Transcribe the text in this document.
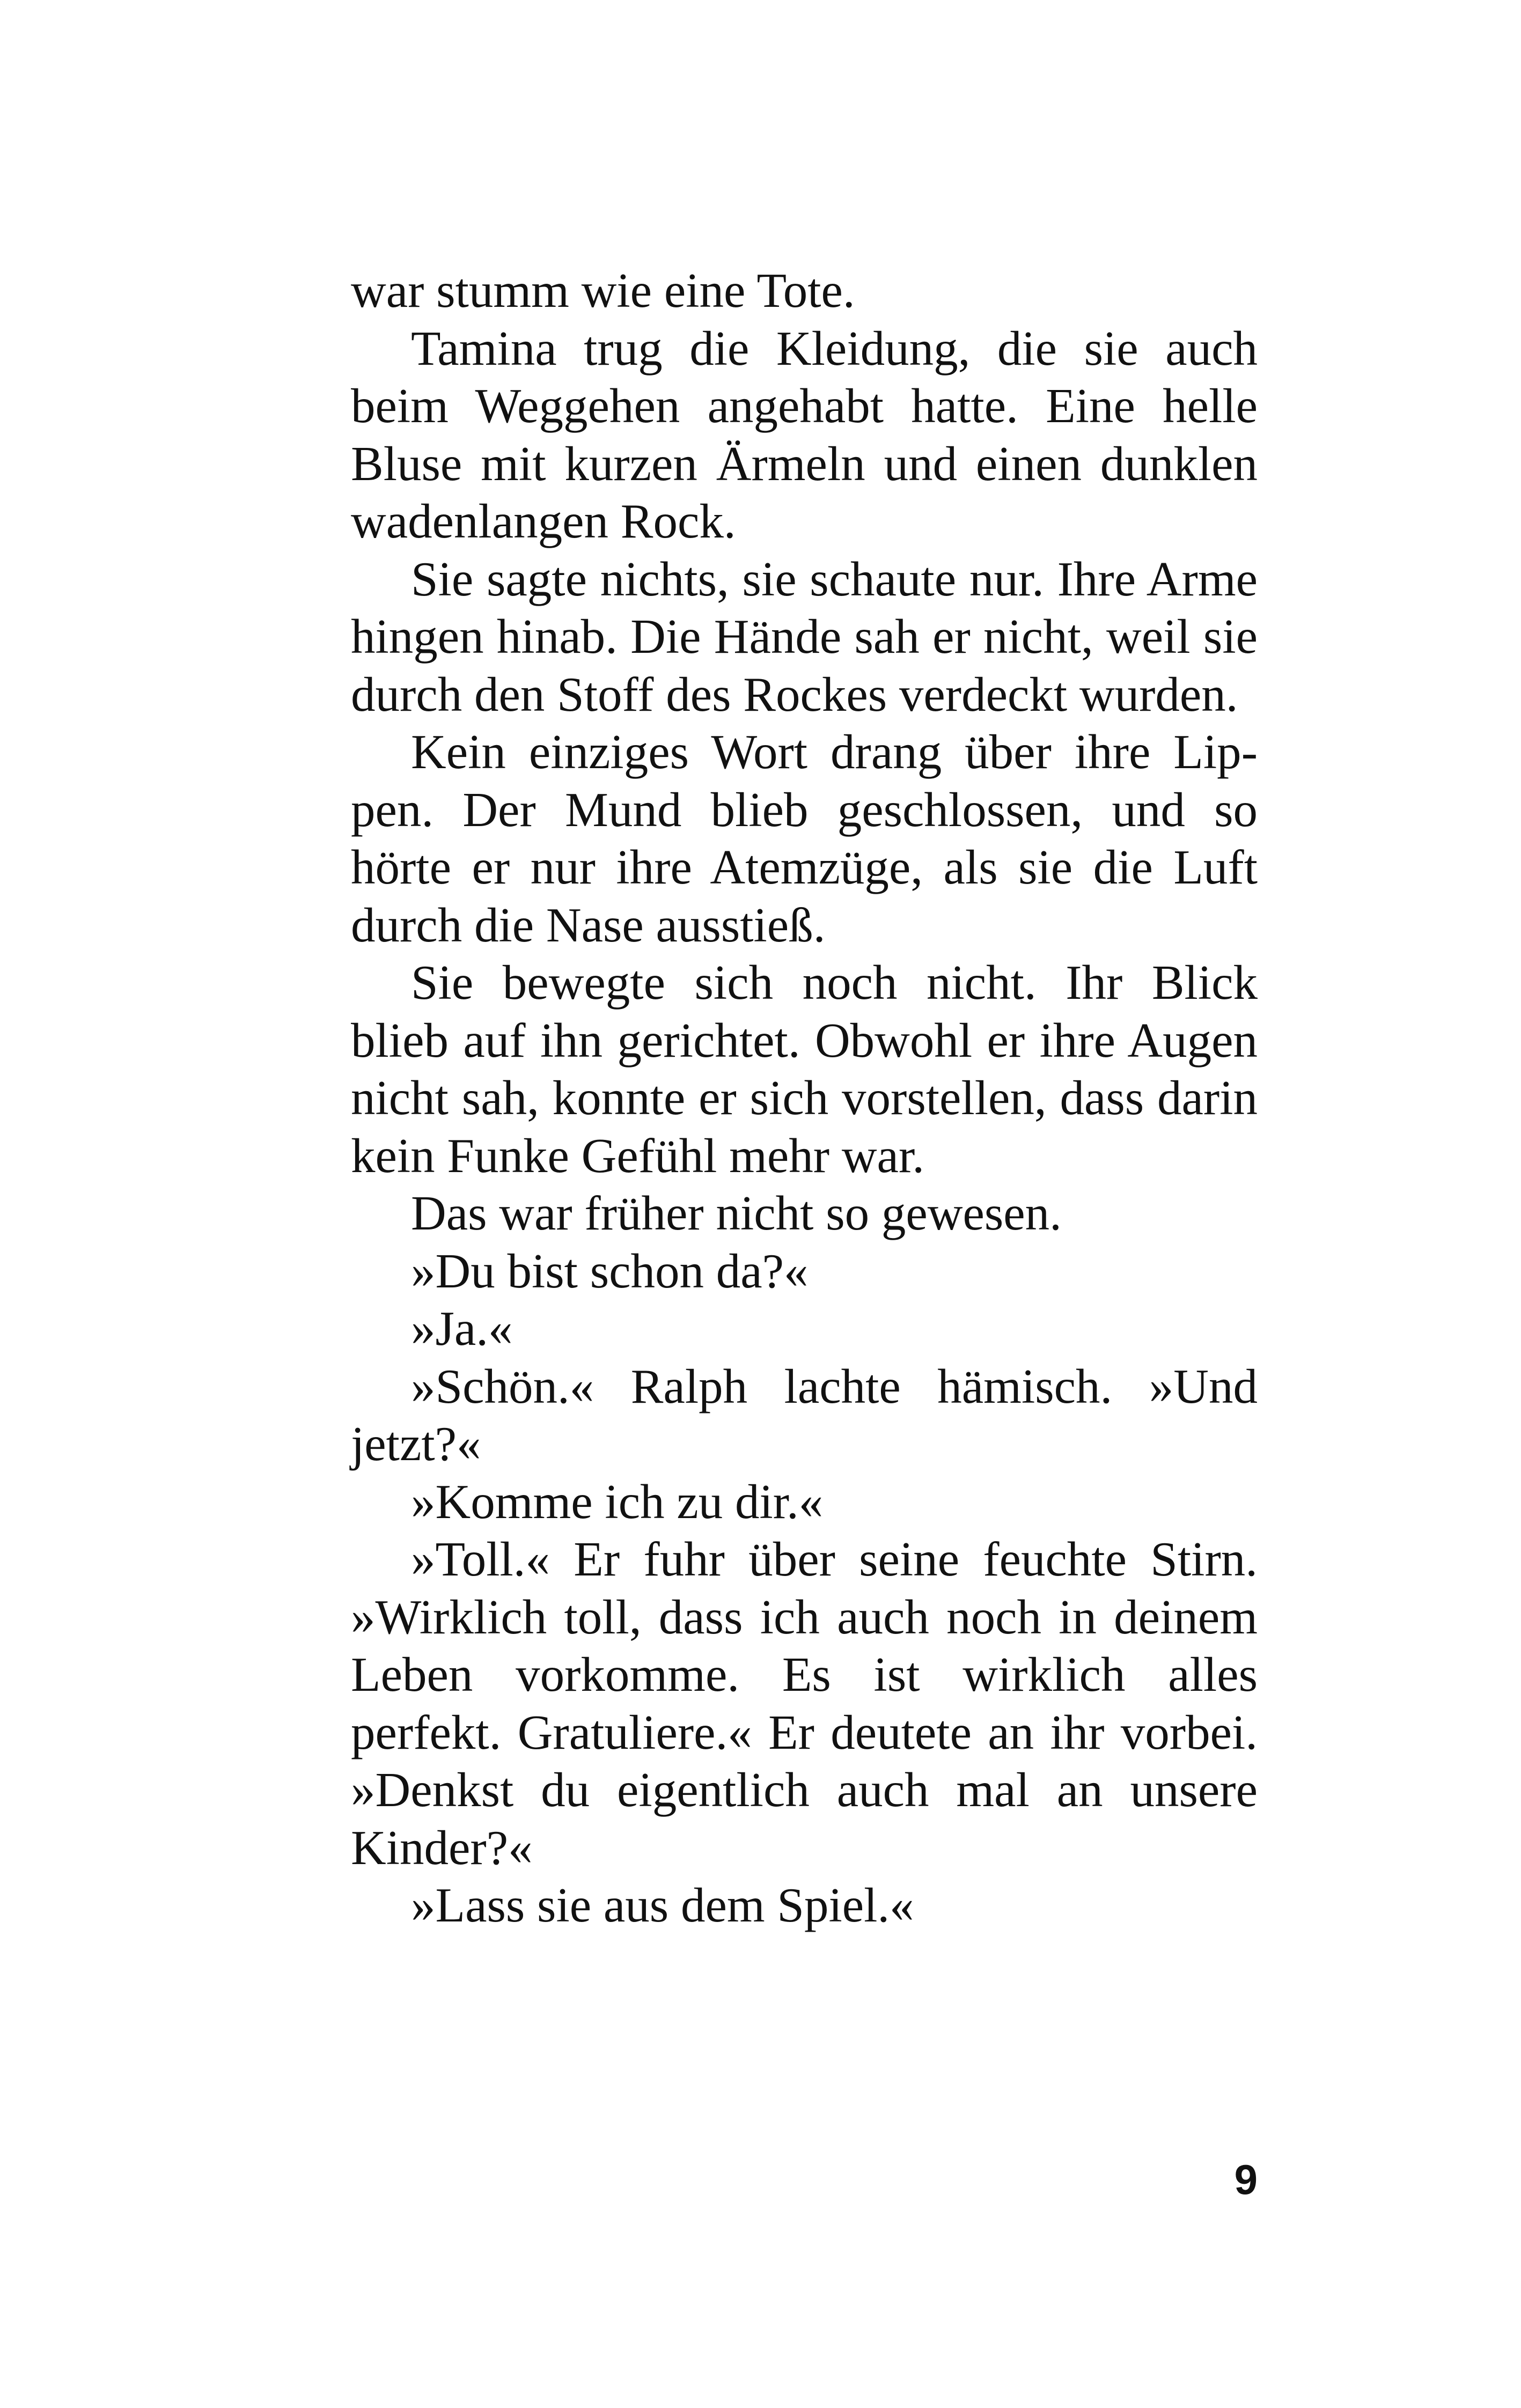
war stumm wie eine Tote.

Tamina trug die Kleidung, die sie auch beim Weggehen angehabt hatte. Eine helle Bluse mit kurzen Ärmeln und einen dunklen wadenlangen Rock.

Sie sagte nichts, sie schaute nur. Ihre Arme hingen hinab. Die Hände sah er nicht, weil sie durch den Stoff des Rockes verdeckt wurden.

Kein einziges Wort drang über ihre Lippen. Der Mund blieb geschlossen, und so hörte er nur ihre Atemzüge, als sie die Luft durch die Nase ausstieß.

Sie bewegte sich noch nicht. Ihr Blick blieb auf ihn gerichtet. Obwohl er ihre Augen nicht sah, konnte er sich vorstellen, dass darin kein Funke Gefühl mehr war.

Das war früher nicht so gewesen.

»Du bist schon da?«

»Ja.«

»Schön.« Ralph lachte hämisch. »Und jetzt?«

»Komme ich zu dir.«

»Toll.« Er fuhr über seine feuchte Stirn. »Wirklich toll, dass ich auch noch in deinem Leben vorkomme. Es ist wirklich alles perfekt. Gratuliere.« Er deutete an ihr vorbei. »Denkst du eigentlich auch mal an unsere Kinder?«

»Lass sie aus dem Spiel.«

9
